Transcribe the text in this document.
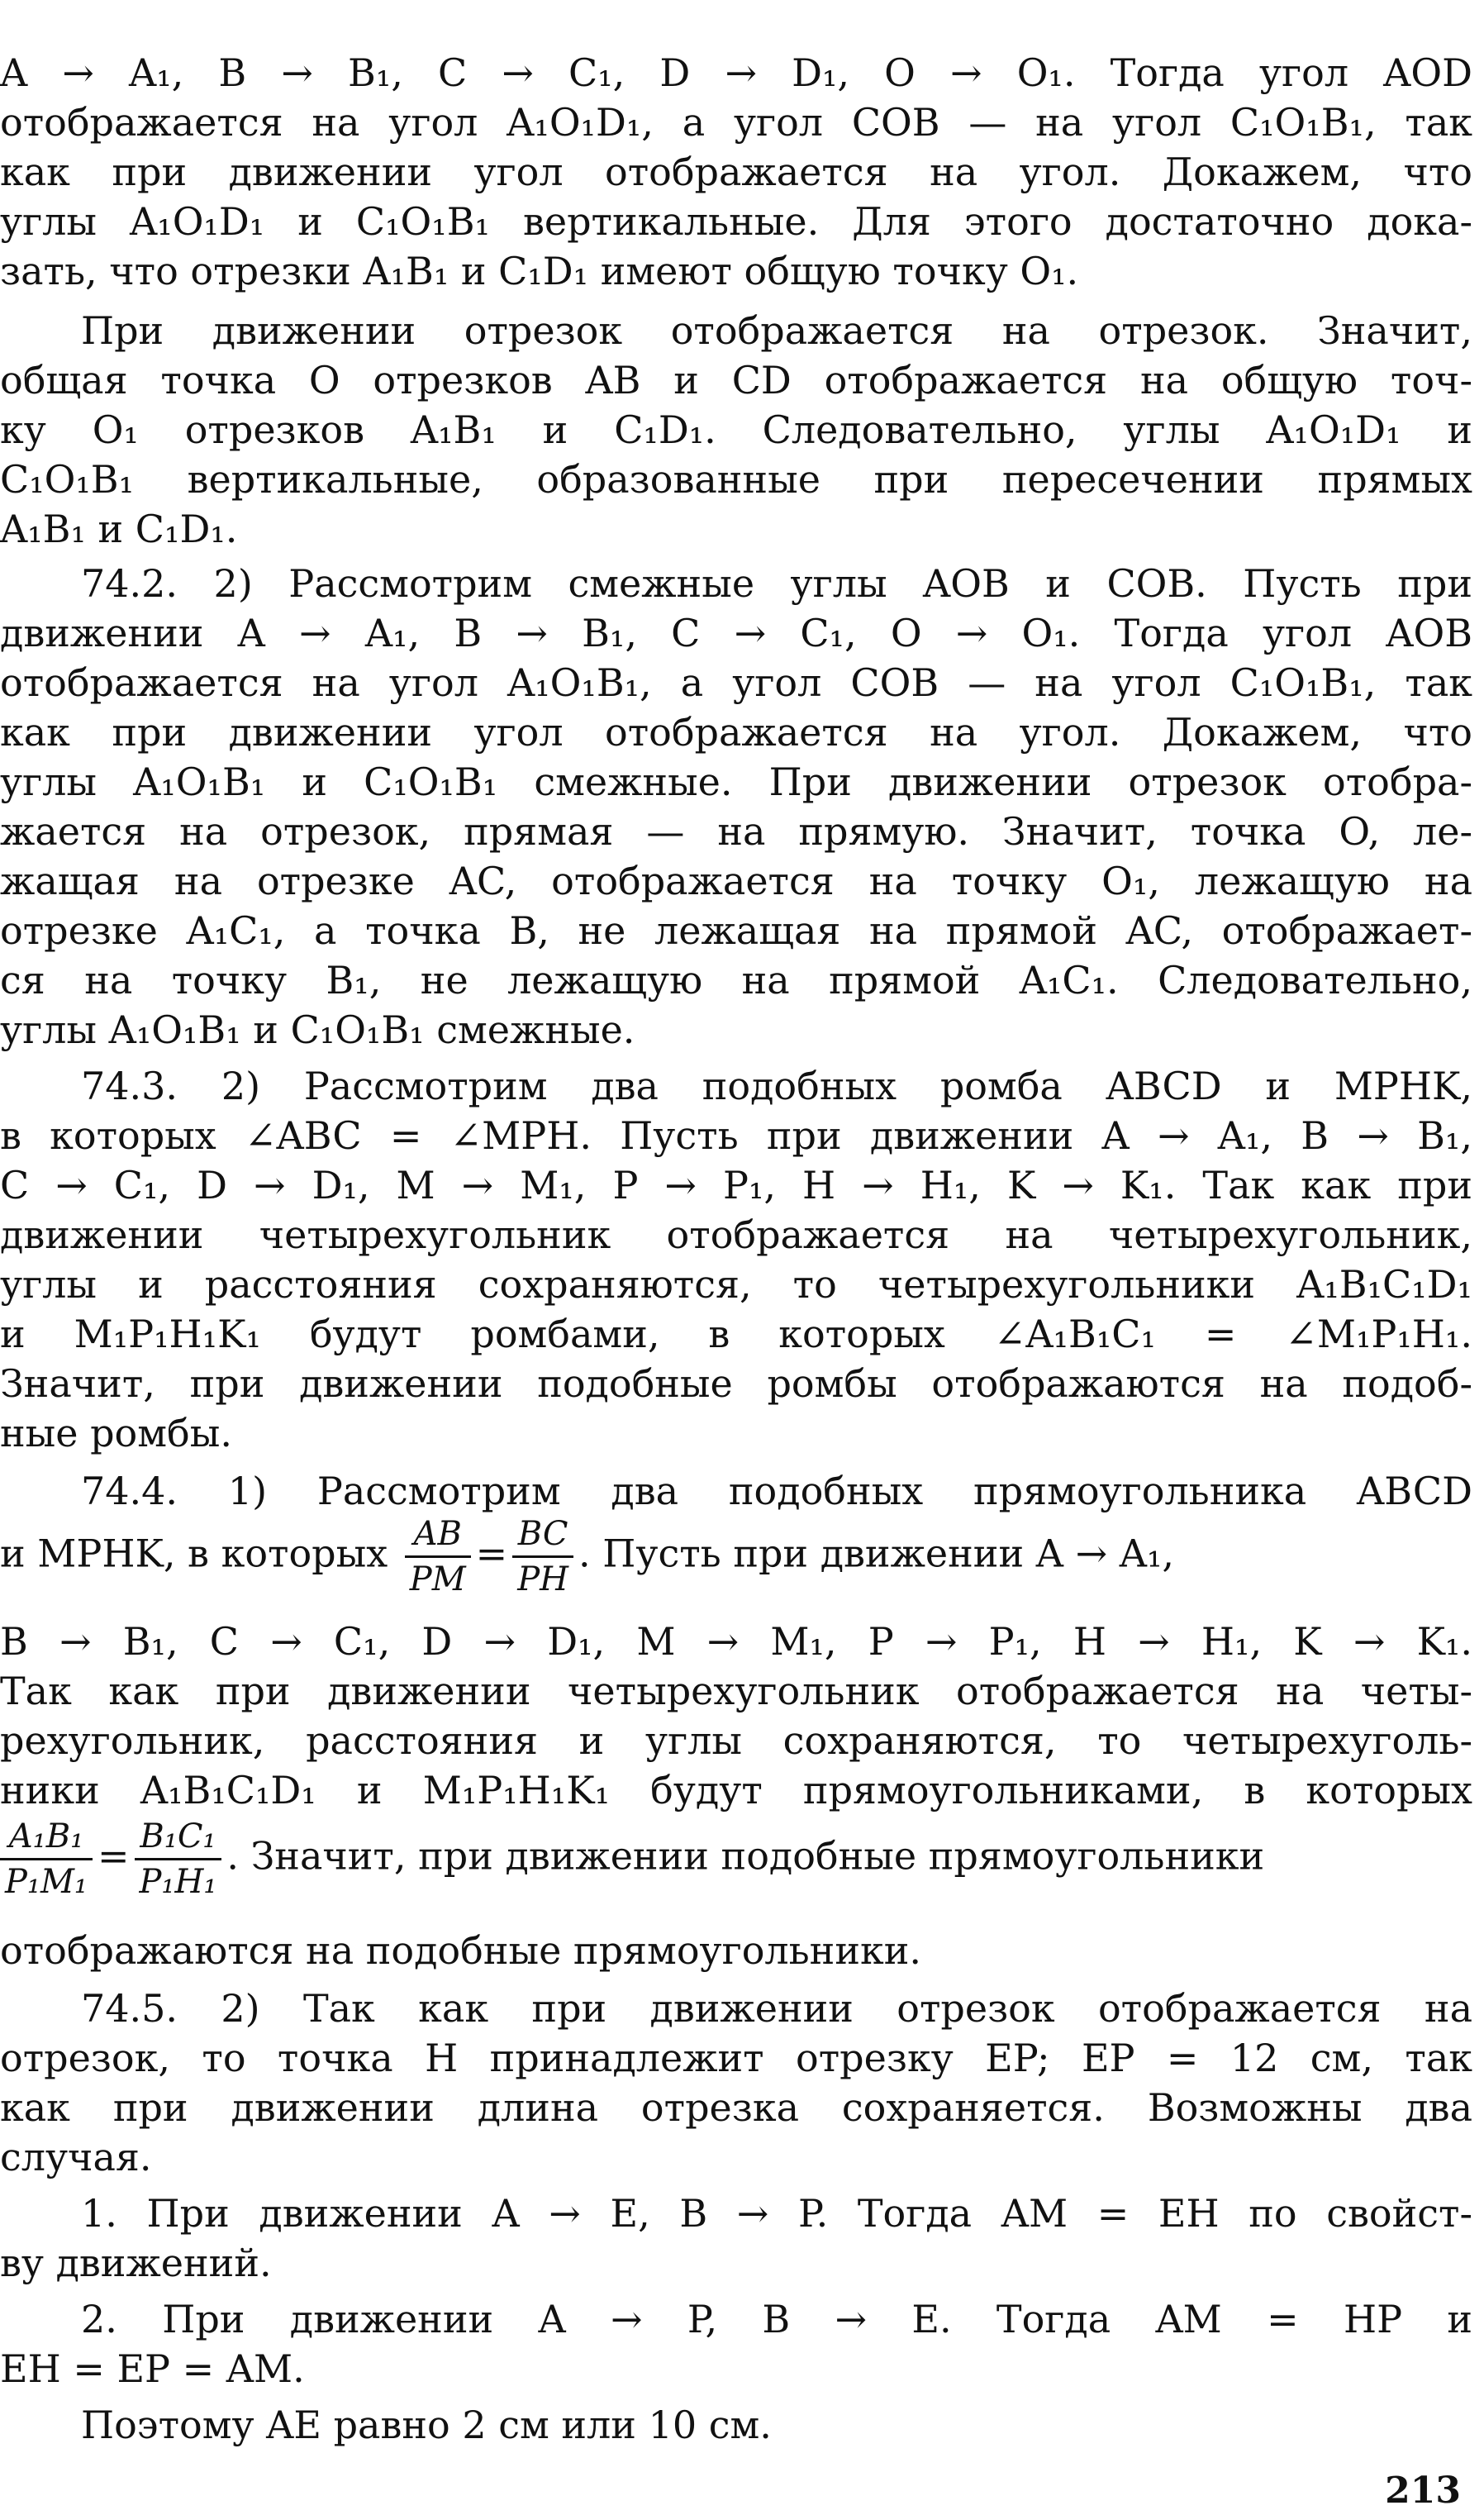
A → A₁, B → B₁, C → C₁, D → D₁, O → O₁. Тогда угол AOD
отображается на угол A₁O₁D₁, а угол COB — на угол C₁O₁B₁, так
как при движении угол отображается на угол. Докажем, что
углы A₁O₁D₁ и C₁O₁B₁ вертикальные. Для этого достаточно дока-
зать, что отрезки A₁B₁ и C₁D₁ имеют общую точку O₁.
При движении отрезок отображается на отрезок. Значит,
общая точка O отрезков AB и CD отображается на общую точ-
ку O₁ отрезков A₁B₁ и C₁D₁. Следовательно, углы A₁O₁D₁ и
C₁O₁B₁ вертикальные, образованные при пересечении прямых
A₁B₁ и C₁D₁.
74.2. 2) Рассмотрим смежные углы AOB и COB. Пусть при
движении A → A₁, B → B₁, C → C₁, O → O₁. Тогда угол AOB
отображается на угол A₁O₁B₁, а угол COB — на угол C₁O₁B₁, так
как при движении угол отображается на угол. Докажем, что
углы A₁O₁B₁ и C₁O₁B₁ смежные. При движении отрезок отобра-
жается на отрезок, прямая — на прямую. Значит, точка O, ле-
жащая на отрезке AC, отображается на точку O₁, лежащую на
отрезке A₁C₁, а точка B, не лежащая на прямой AC, отображает-
ся на точку B₁, не лежащую на прямой A₁C₁. Следовательно,
углы A₁O₁B₁ и C₁O₁B₁ смежные.
74.3. 2) Рассмотрим два подобных ромба ABCD и MPHK,
в которых ∠ABC = ∠MPH. Пусть при движении A → A₁, B → B₁,
C → C₁, D → D₁, M → M₁, P → P₁, H → H₁, K → K₁. Так как при
движении четырехугольник отображается на четырехугольник,
углы и расстояния сохраняются, то четырехугольники A₁B₁C₁D₁
и M₁P₁H₁K₁ будут ромбами, в которых ∠A₁B₁C₁ = ∠M₁P₁H₁.
Значит, при движении подобные ромбы отображаются на подоб-
ные ромбы.
74.4. 1) Рассмотрим два подобных прямоугольника ABCD
и MPHK, в которых $\frac{AB}{PM} = \frac{BC}{PH}$ . Пусть при движении A → A₁,
B → B₁, C → C₁, D → D₁, M → M₁, P → P₁, H → H₁, K → K₁.
Так как при движении четырехугольник отображается на четы-
рехугольник, расстояния и углы сохраняются, то четырехуголь-
ники A₁B₁C₁D₁ и M₁P₁H₁K₁ будут прямоугольниками, в которых
$\frac{\text{A₁B₁}}{\text{P₁M₁}} = \frac{\text{B₁C₁}}{\text{P₁H₁}}$ . Значит, при движении подобные прямоугольники
отображаются на подобные прямоугольники.
74.5. 2) Так как при движении отрезок отображается на
отрезок, то точка H принадлежит отрезку EP; EP = 12 см, так
как при движении длина отрезка сохраняется. Возможны два
случая.
1. При движении A → E, B → P. Тогда AM = EH по свойст-
ву движений.
2. При движении A → P, B → E. Тогда AM = HP и
EH = EP = AM.
Поэтому AE равно 2 см или 10 см.
213
